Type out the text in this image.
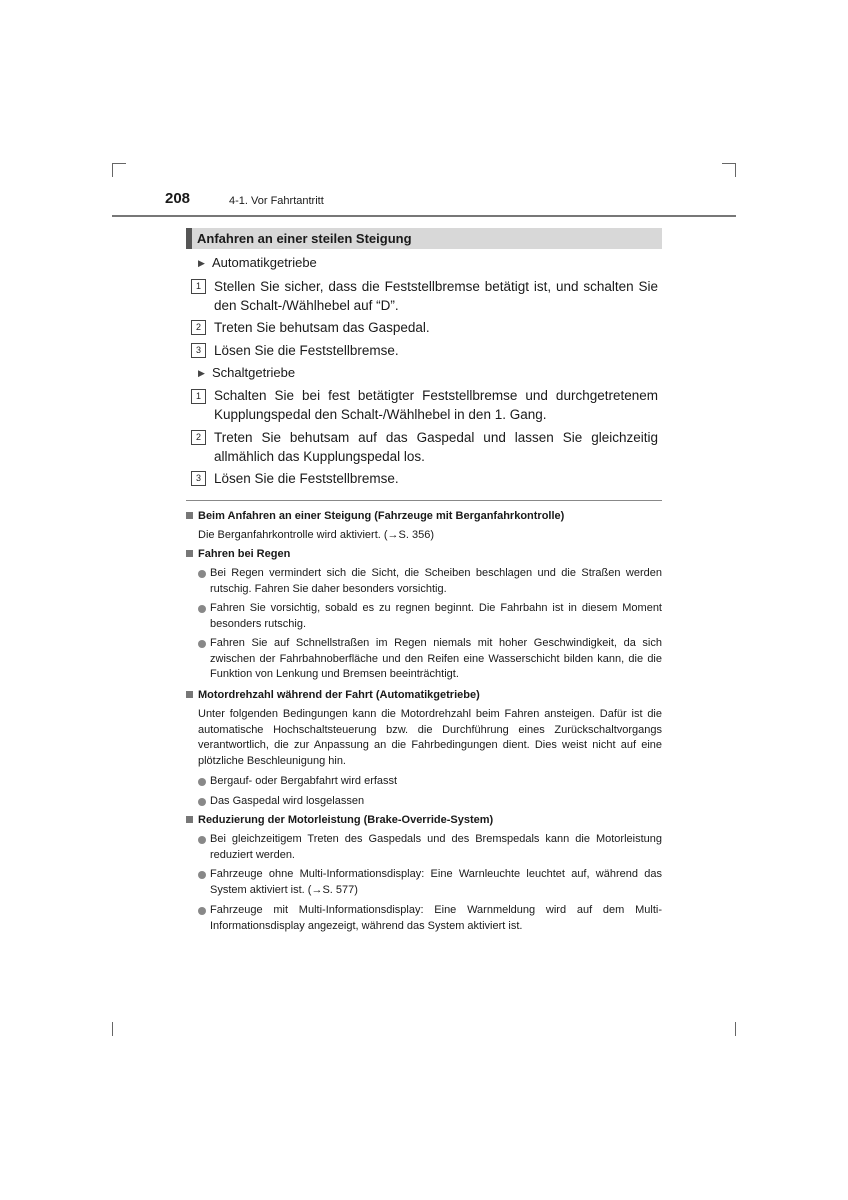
208	4-1. Vor Fahrtantritt
Anfahren an einer steilen Steigung
▶ Automatikgetriebe
1 Stellen Sie sicher, dass die Feststellbremse betätigt ist, und schalten Sie den Schalt-/Wählhebel auf “D”.
2 Treten Sie behutsam das Gaspedal.
3 Lösen Sie die Feststellbremse.
▶ Schaltgetriebe
1 Schalten Sie bei fest betätigter Feststellbremse und durchgetretenem Kupplungspedal den Schalt-/Wählhebel in den 1. Gang.
2 Treten Sie behutsam auf das Gaspedal und lassen Sie gleichzeitig allmählich das Kupplungspedal los.
3 Lösen Sie die Feststellbremse.
Beim Anfahren an einer Steigung (Fahrzeuge mit Berganfahrkontrolle)
Die Berganfahrkontrolle wird aktiviert. (→S. 356)
Fahren bei Regen
Bei Regen vermindert sich die Sicht, die Scheiben beschlagen und die Straßen werden rutschig. Fahren Sie daher besonders vorsichtig.
Fahren Sie vorsichtig, sobald es zu regnen beginnt. Die Fahrbahn ist in diesem Moment besonders rutschig.
Fahren Sie auf Schnellstraßen im Regen niemals mit hoher Geschwindigkeit, da sich zwischen der Fahrbahnoberfläche und den Reifen eine Wasserschicht bilden kann, die die Funktion von Lenkung und Bremsen beeinträchtigt.
Motordrehzahl während der Fahrt (Automatikgetriebe)
Unter folgenden Bedingungen kann die Motordrehzahl beim Fahren ansteigen. Dafür ist die automatische Hochschaltsteuerung bzw. die Durchführung eines Zurückschaltvorgangs verantwortlich, die zur Anpassung an die Fahrbedingungen dient. Dies weist nicht auf eine plötzliche Beschleunigung hin.
Bergauf- oder Bergabfahrt wird erfasst
Das Gaspedal wird losgelassen
Reduzierung der Motorleistung (Brake-Override-System)
Bei gleichzeitigem Treten des Gaspedals und des Bremspedals kann die Motorleistung reduziert werden.
Fahrzeuge ohne Multi-Informationsdisplay: Eine Warnleuchte leuchtet auf, während das System aktiviert ist. (→S. 577)
Fahrzeuge mit Multi-Informationsdisplay: Eine Warnmeldung wird auf dem Multi-Informationsdisplay angezeigt, während das System aktiviert ist.
